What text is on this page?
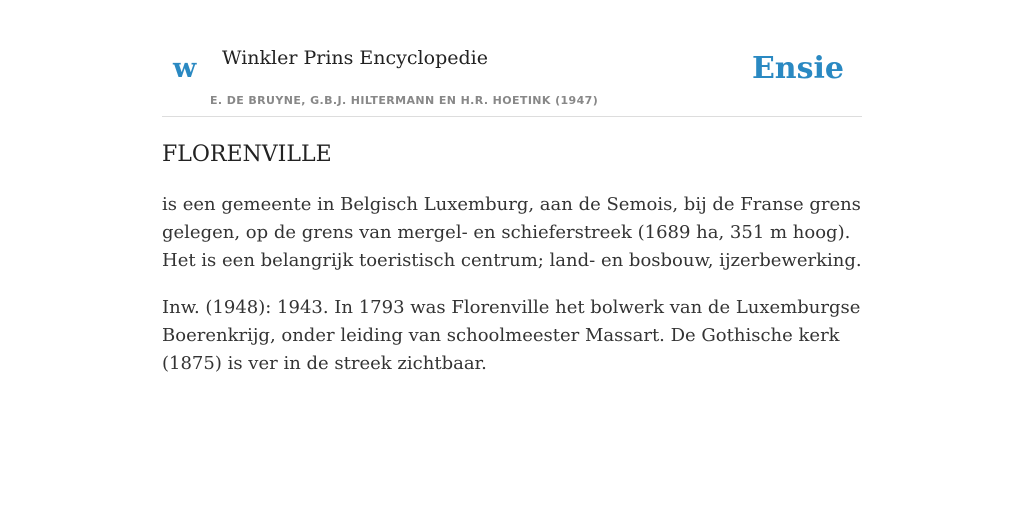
w Winkler Prins Encyclopedie
E. DE BRUYNE, G.B.J. HILTERMANN EN H.R. HOETINK (1947)
Ensie
FLORENVILLE

is een gemeente in Belgisch Luxemburg, aan de Semois, bij de Franse grens gelegen, op de grens van mergel- en schieferstreek (1689 ha, 351 m hoog). Het is een belangrijk toeristisch centrum; land- en bosbouw, ijzerbewerking.

Inw. (1948): 1943. In 1793 was Florenville het bolwerk van de Luxemburgse Boerenkrijg, onder leiding van schoolmeester Massart. De Gothische kerk (1875) is ver in de streek zichtbaar.
